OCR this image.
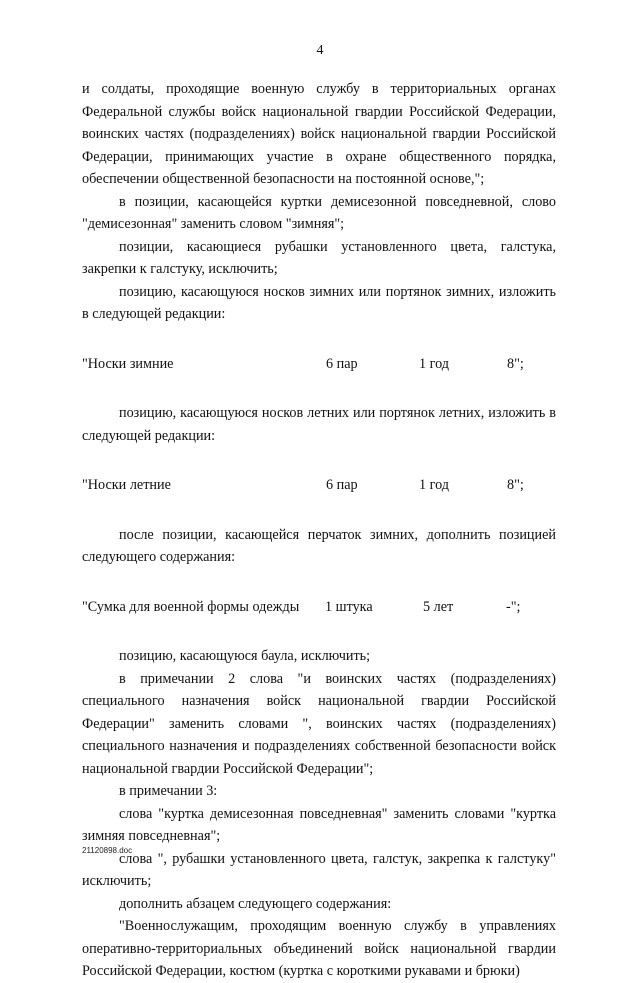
4

и солдаты, проходящие военную службу в территориальных органах Федеральной службы войск национальной гвардии Российской Федерации, воинских частях (подразделениях) войск национальной гвардии Российской Федерации, принимающих участие в охране общественного порядка, обеспечении общественной безопасности на постоянной основе,";

в позиции, касающейся куртки демисезонной повседневной, слово "демисезонная" заменить словом "зимняя";

позиции, касающиеся рубашки установленного цвета, галстука, закрепки к галстуку, исключить;

позицию, касающуюся носков зимних или портянок зимних, изложить в следующей редакции:

"Носки зимние	6 пар	1 год	8";

позицию, касающуюся носков летних или портянок летних, изложить в следующей редакции:

"Носки летние	6 пар	1 год	8";

после позиции, касающейся перчаток зимних, дополнить позицией следующего содержания:

"Сумка для военной формы одежды	1 штука	5 лет	-";

позицию, касающуюся баула, исключить;

в примечании 2 слова "и воинских частях (подразделениях) специального назначения войск национальной гвардии Российской Федерации" заменить словами ", воинских частях (подразделениях) специального назначения и подразделениях собственной безопасности войск национальной гвардии Российской Федерации";

в примечании 3:

слова "куртка демисезонная повседневная" заменить словами "куртка зимняя повседневная";

слова ", рубашки установленного цвета, галстук, закрепка к галстуку" исключить;

дополнить абзацем следующего содержания:

"Военнослужащим, проходящим военную службу в управлениях оперативно-территориальных объединений войск национальной гвардии Российской Федерации, костюм (куртка с короткими рукавами и брюки)

21120898.doc
